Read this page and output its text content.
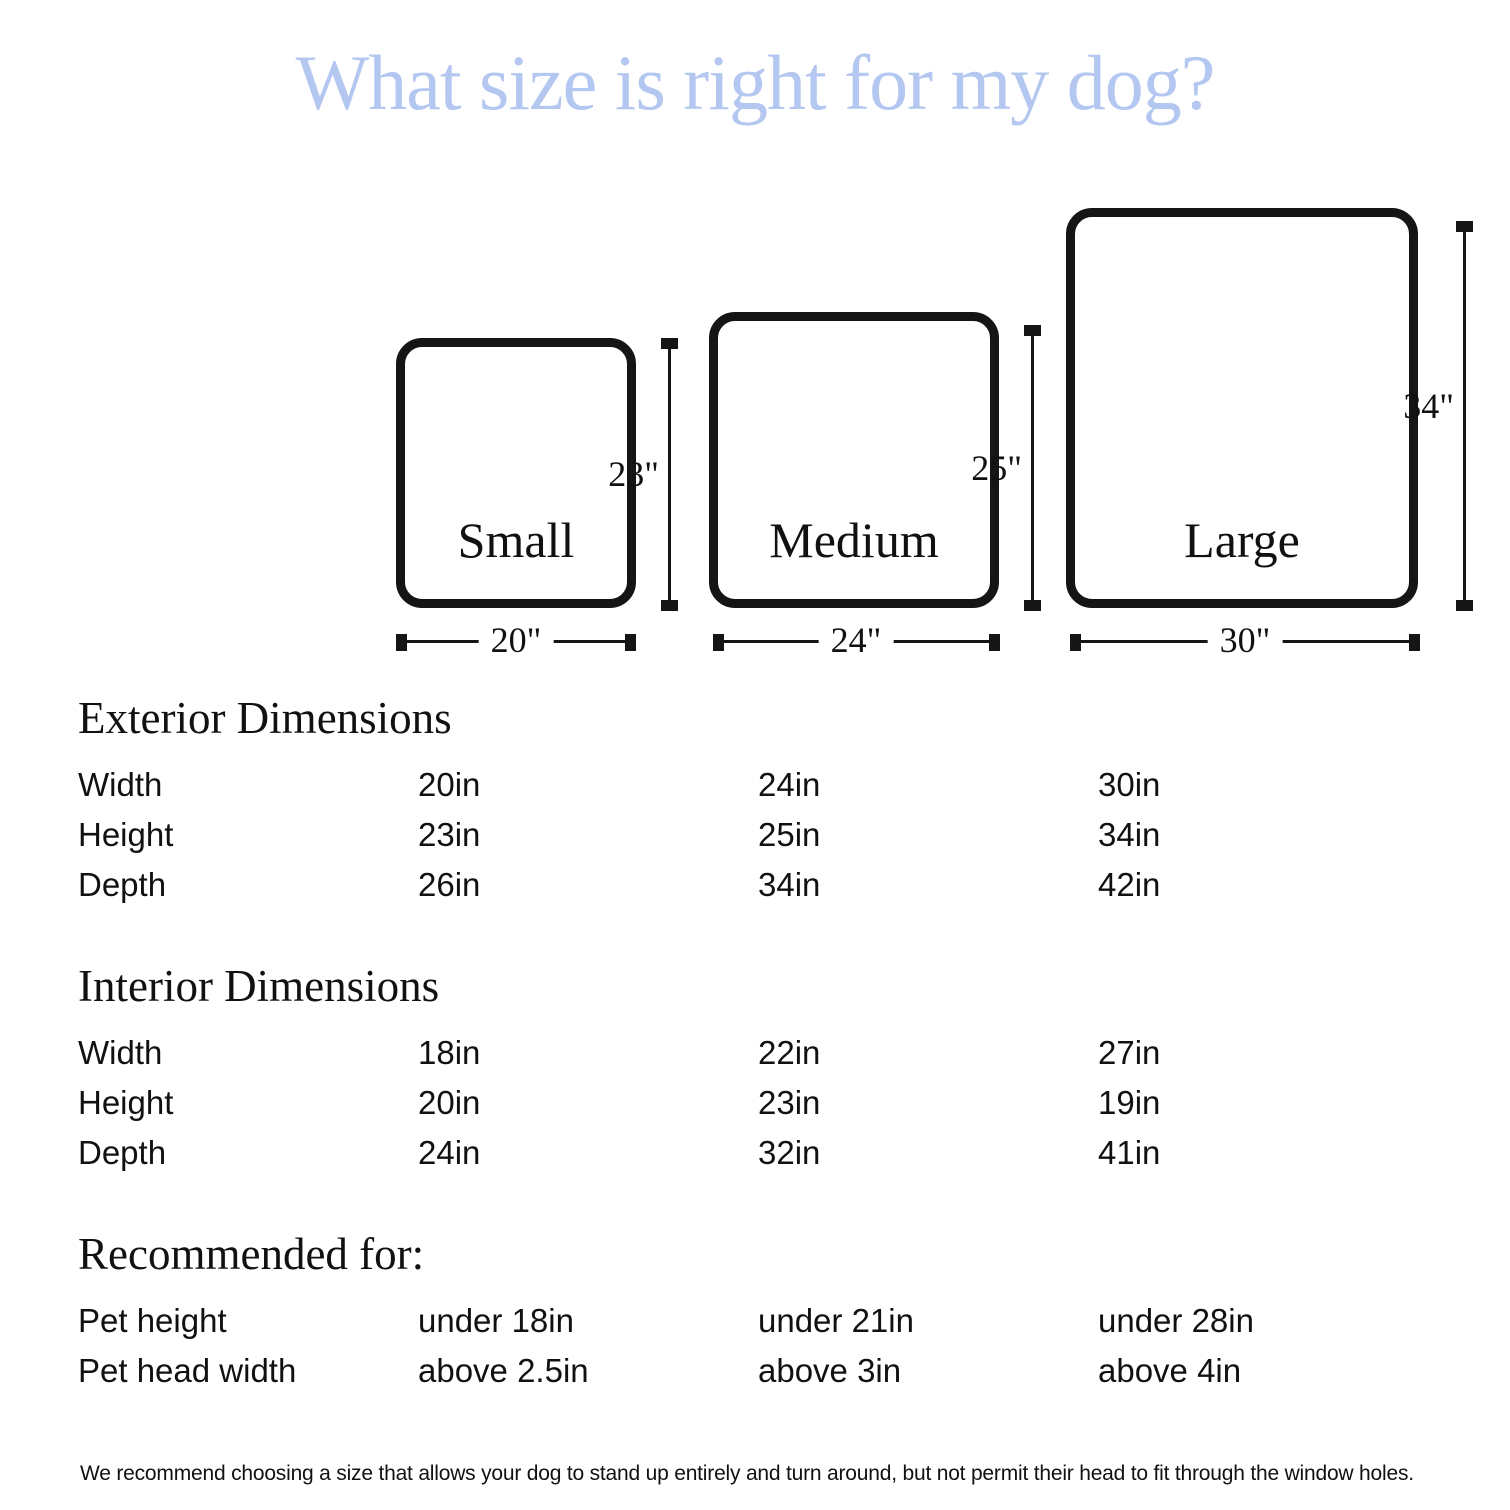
What size is right for my dog?
Small
23"
20"
Medium
25"
24"
Large
34"
30"
Exterior Dimensions
Width	20in	24in	30in
Height	23in	25in	34in
Depth	26in	34in	42in
Interior Dimensions
Width	18in	22in	27in
Height	20in	23in	19in
Depth	24in	32in	41in
Recommended for:
Pet height	under 18in	under 21in	under 28in
Pet head width	above 2.5in	above 3in	above 4in
We recommend choosing a size that allows your dog to stand up entirely and turn around, but not permit their head to fit through the window holes.
